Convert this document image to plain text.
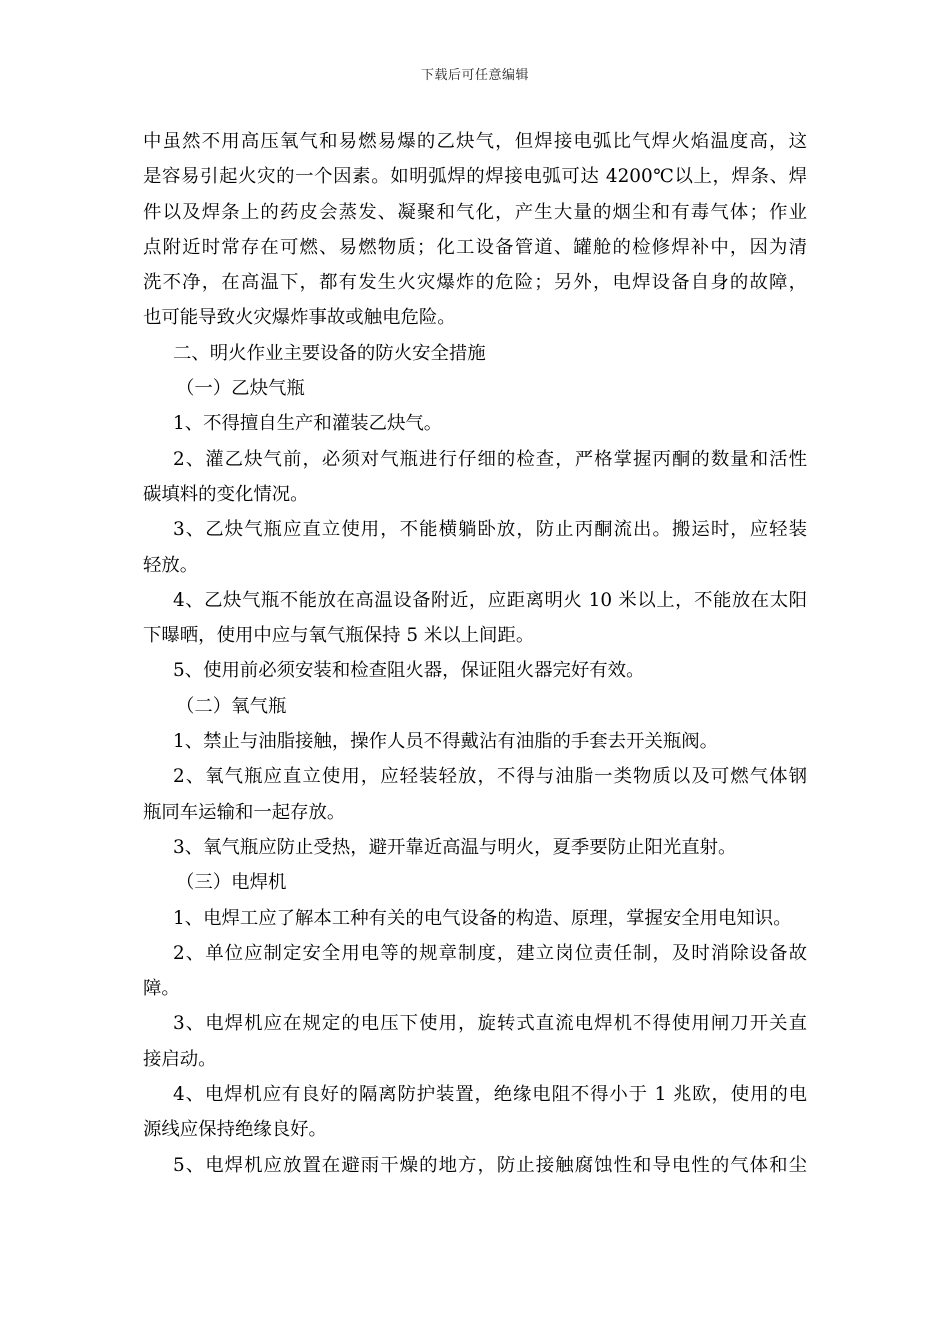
下载后可任意编辑
中虽然不用高压氧气和易燃易爆的乙炔气，但焊接电弧比气焊火焰温度高，这
是容易引起火灾的一个因素。如明弧焊的焊接电弧可达 4200℃以上，焊条、焊
件以及焊条上的药皮会蒸发、凝聚和气化，产生大量的烟尘和有毒气体；作业
点附近时常存在可燃、易燃物质；化工设备管道、罐舱的检修焊补中，因为清
洗不净，在高温下，都有发生火灾爆炸的危险；另外，电焊设备自身的故障，
也可能导致火灾爆炸事故或触电危险。
二、明火作业主要设备的防火安全措施
（一）乙炔气瓶
1、不得擅自生产和灌装乙炔气。
2、灌乙炔气前，必须对气瓶进行仔细的检查，严格掌握丙酮的数量和活性
碳填料的变化情况。
3、乙炔气瓶应直立使用，不能横躺卧放，防止丙酮流出。搬运时，应轻装
轻放。
4、乙炔气瓶不能放在高温设备附近，应距离明火 10 米以上，不能放在太阳
下曝晒，使用中应与氧气瓶保持 5 米以上间距。
5、使用前必须安装和检查阻火器，保证阻火器完好有效。
（二）氧气瓶
1、禁止与油脂接触，操作人员不得戴沾有油脂的手套去开关瓶阀。
2、氧气瓶应直立使用，应轻装轻放，不得与油脂一类物质以及可燃气体钢
瓶同车运输和一起存放。
3、氧气瓶应防止受热，避开靠近高温与明火，夏季要防止阳光直射。
（三）电焊机
1、电焊工应了解本工种有关的电气设备的构造、原理，掌握安全用电知识。
2、单位应制定安全用电等的规章制度，建立岗位责任制，及时消除设备故
障。
3、电焊机应在规定的电压下使用，旋转式直流电焊机不得使用闸刀开关直
接启动。
4、电焊机应有良好的隔离防护装置，绝缘电阻不得小于 1 兆欧，使用的电
源线应保持绝缘良好。
5、电焊机应放置在避雨干燥的地方，防止接触腐蚀性和导电性的气体和尘
